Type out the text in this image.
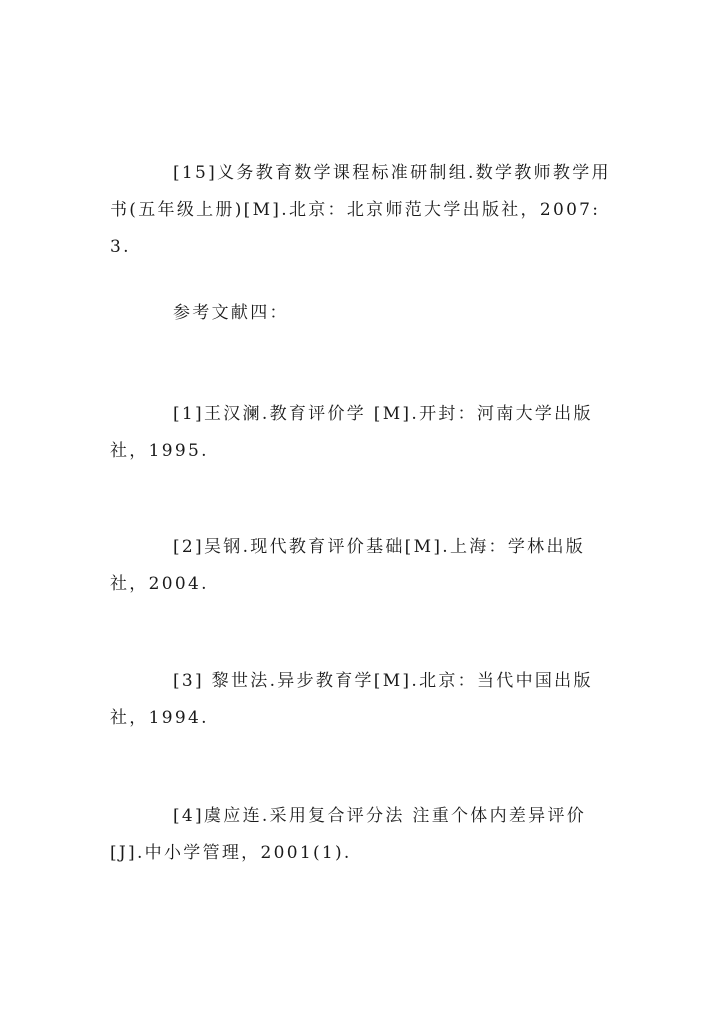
[15]义务教育数学课程标准研制组.数学教师教学用书(五年级上册)[M].北京：北京师范大学出版社，2007:3.

参考文献四：

[1]王汉澜.教育评价学 [M].开封：河南大学出版社，1995.

[2]吴钢.现代教育评价基础[M].上海：学林出版社，2004.

[3] 黎世法.异步教育学[M].北京：当代中国出版社，1994.

[4]虞应连.采用复合评分法 注重个体内差异评价[J].中小学管理，2001(1).
